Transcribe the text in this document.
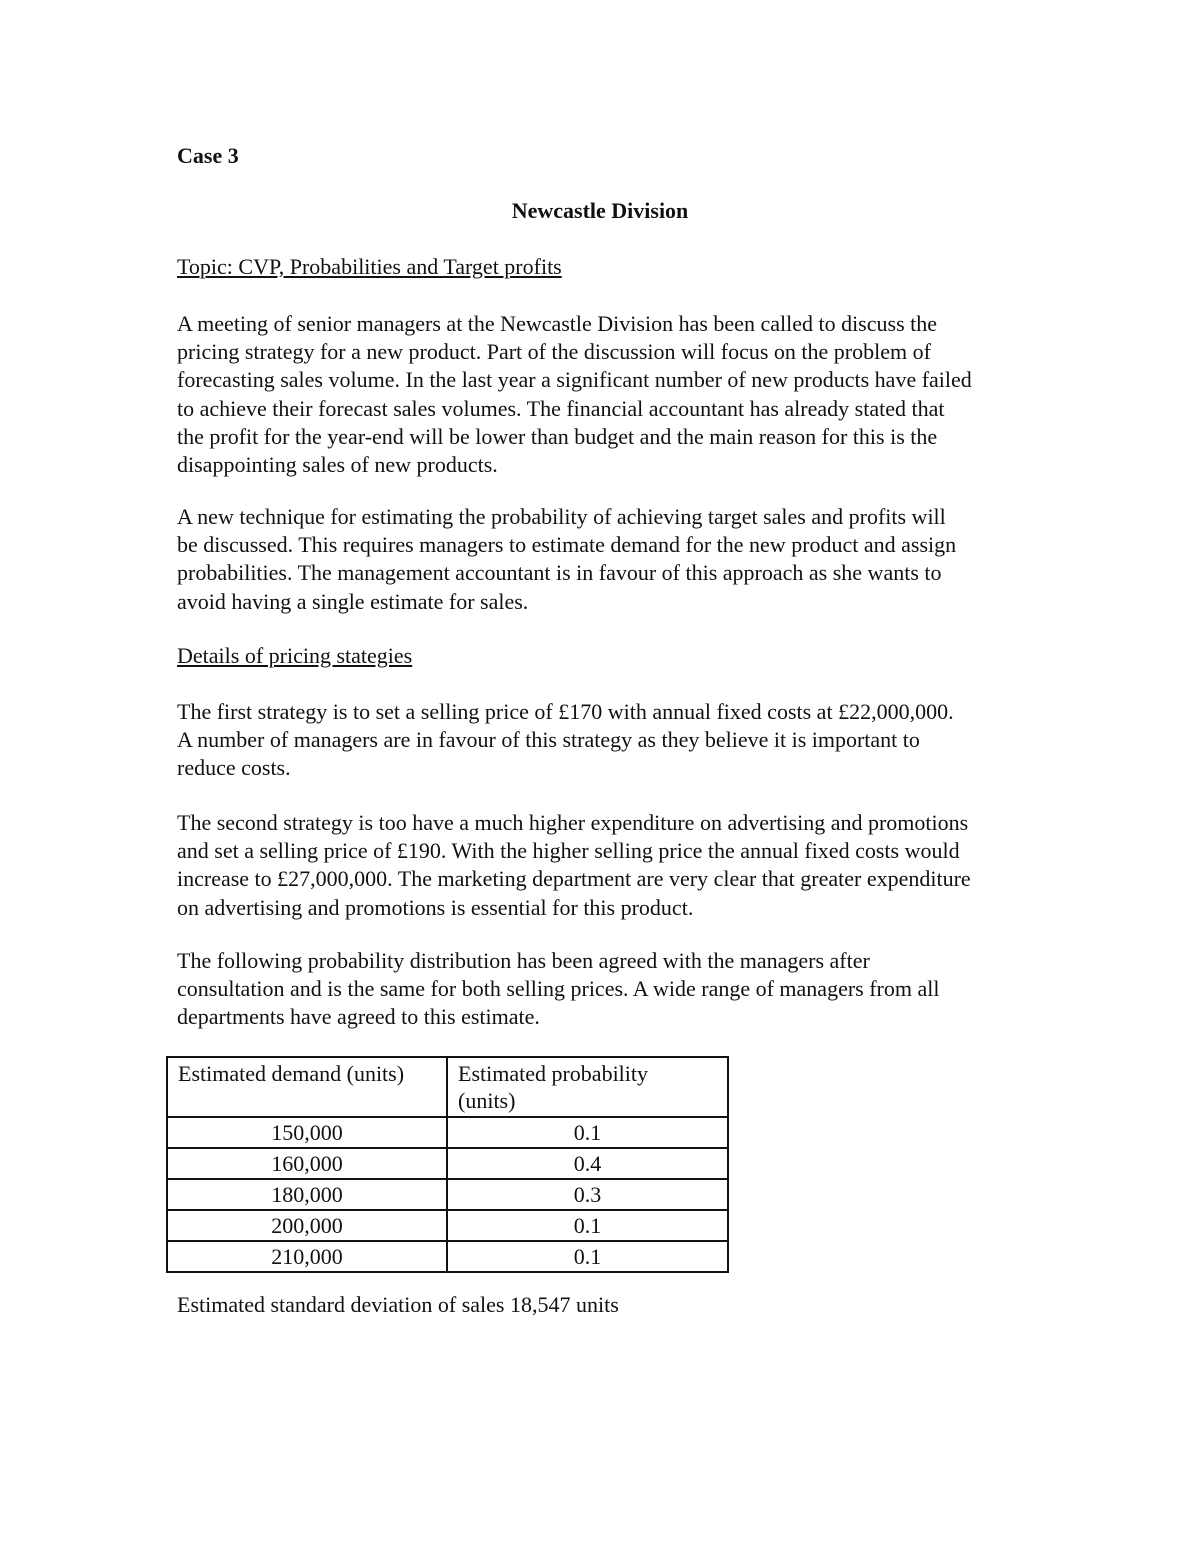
Case 3

Newcastle Division

Topic: CVP, Probabilities and Target profits

A meeting of senior managers at the Newcastle Division has been called to discuss the
pricing strategy for a new product. Part of the discussion will focus on the problem of
forecasting sales volume. In the last year a significant number of new products have failed
to achieve their forecast sales volumes. The financial accountant has already stated that
the profit for the year-end will be lower than budget and the main reason for this is the
disappointing sales of new products.

A new technique for estimating the probability of achieving target sales and profits will
be discussed. This requires managers to estimate demand for the new product and assign
probabilities. The management accountant is in favour of this approach as she wants to
avoid having a single estimate for sales.

Details of pricing stategies

The first strategy is to set a selling price of £170 with annual fixed costs at £22,000,000.
A number of managers are in favour of this strategy as they believe it is important to
reduce costs.

The second strategy is too have a much higher expenditure on advertising and promotions
and set a selling price of £190. With the higher selling price the annual fixed costs would
increase to £27,000,000. The marketing department are very clear that greater expenditure
on advertising and promotions is essential for this product.

The following probability distribution has been agreed with the managers after
consultation and is the same for both selling prices. A wide range of managers from all
departments have agreed to this estimate.

Estimated demand (units)	Estimated probability
(units)
150,000	0.1
160,000	0.4
180,000	0.3
200,000	0.1
210,000	0.1

Estimated standard deviation of sales 18,547 units
